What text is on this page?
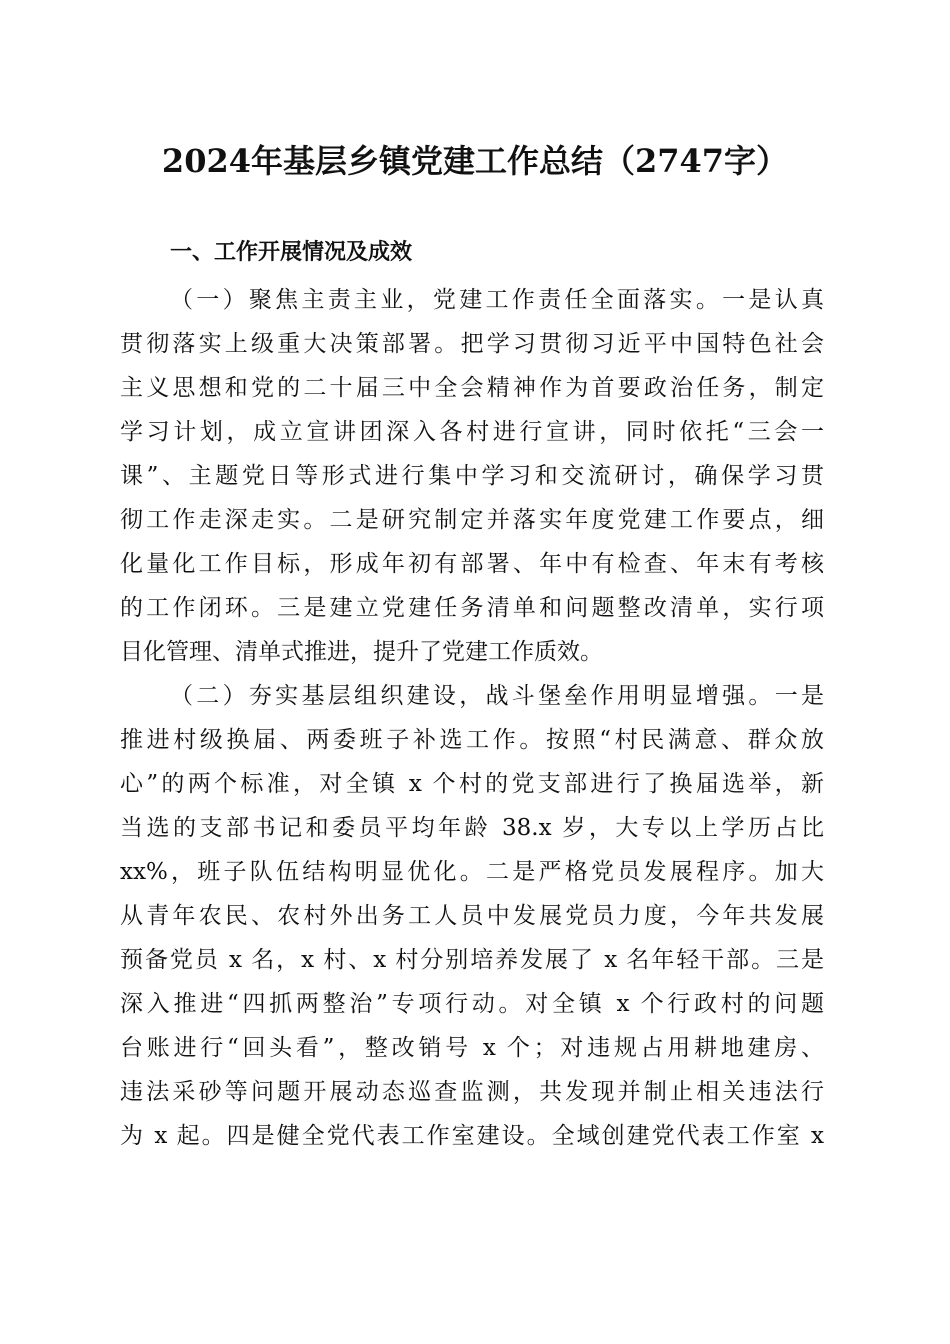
2024年基层乡镇党建工作总结（2747字）
一、工作开展情况及成效
（一）聚焦主责主业，党建工作责任全面落实。一是认真
贯彻落实上级重大决策部署。把学习贯彻习近平中国特色社会
主义思想和党的二十届三中全会精神作为首要政治任务，制定
学习计划，成立宣讲团深入各村进行宣讲，同时依托“三会一
课”、主题党日等形式进行集中学习和交流研讨，确保学习贯
彻工作走深走实。二是研究制定并落实年度党建工作要点，细
化量化工作目标，形成年初有部署、年中有检查、年末有考核
的工作闭环。三是建立党建任务清单和问题整改清单，实行项
目化管理、清单式推进，提升了党建工作质效。
（二）夯实基层组织建设，战斗堡垒作用明显增强。一是
推进村级换届、两委班子补选工作。按照“村民满意、群众放
心”的两个标准，对全镇 x 个村的党支部进行了换届选举，新
当选的支部书记和委员平均年龄 38.x 岁，大专以上学历占比
xx%，班子队伍结构明显优化。二是严格党员发展程序。加大
从青年农民、农村外出务工人员中发展党员力度，今年共发展
预备党员 x 名，x 村、x 村分别培养发展了 x 名年轻干部。三是
深入推进“四抓两整治”专项行动。对全镇 x 个行政村的问题
台账进行“回头看”，整改销号 x 个；对违规占用耕地建房、
违法采砂等问题开展动态巡查监测，共发现并制止相关违法行
为 x 起。四是健全党代表工作室建设。全域创建党代表工作室 x
